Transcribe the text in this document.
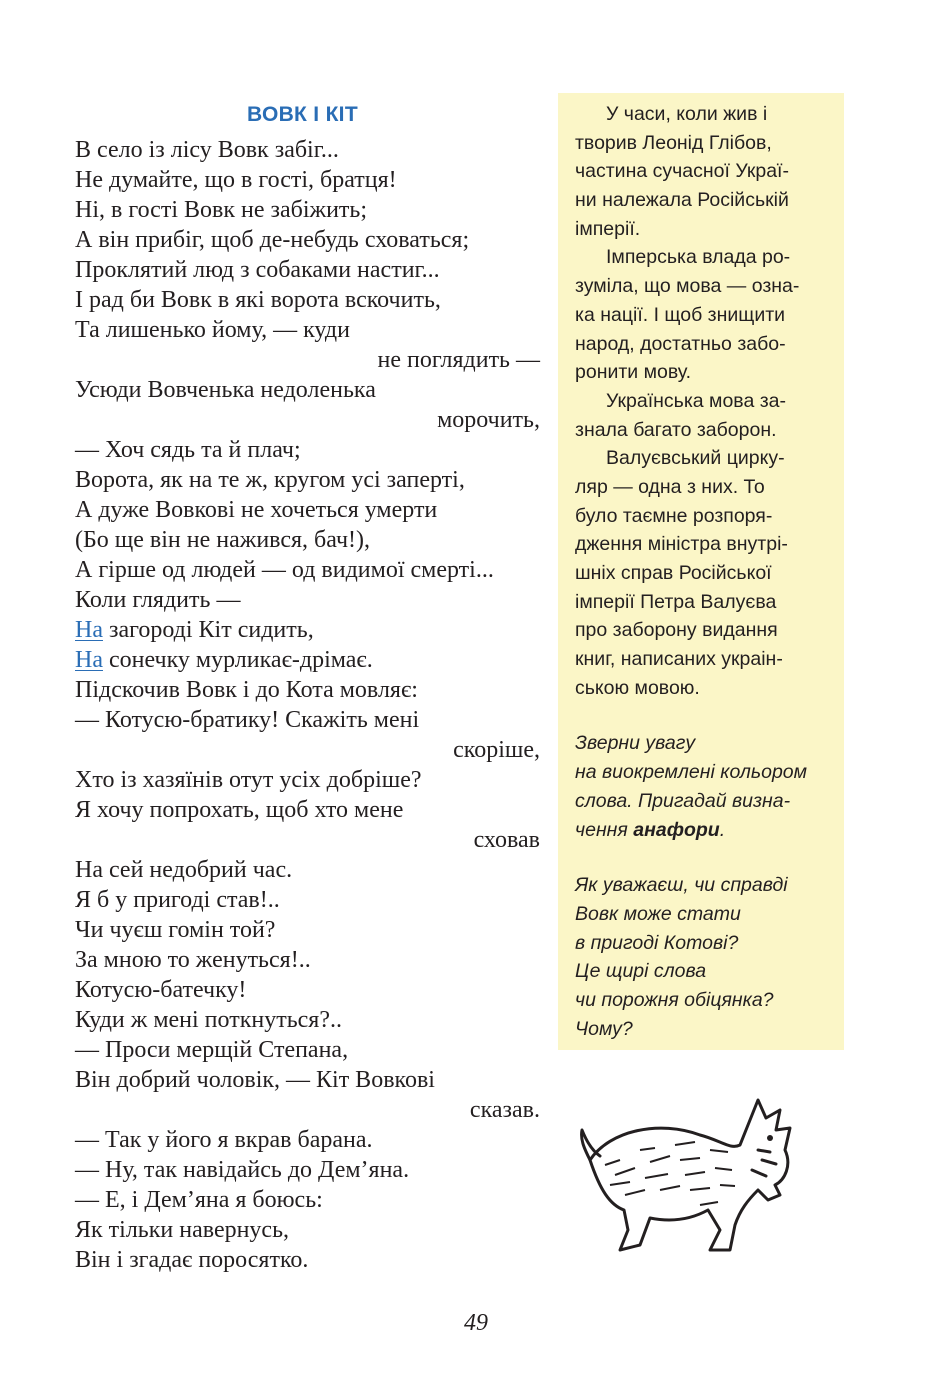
ВОВК І КІТ
В село із лісу Вовк забіг...
Не думайте, що в гості, братця!
Ні, в гості Вовк не забіжить;
А він прибіг, щоб де-небудь сховаться;
Проклятий люд з собаками настиг...
І рад би Вовк в які ворота вскочить,
Та лишенько йому, — куди
не поглядить —
Усюди Вовченька недоленька
морочить,
— Хоч сядь та й плач;
Ворота, як на те ж, кругом усі заперті,
А дуже Вовкові не хочеться умерти
(Бо ще він не нажився, бач!),
А гірше од людей — од видимої смерті...
Коли глядить —
На загороді Кіт сидить,
На сонечку мурликає-дрімає.
Підскочив Вовк і до Кота мовляє:
— Котусю-братику! Скажіть мені
скоріше,
Хто із хазяїнів отут усіх добріше?
Я хочу попрохать, щоб хто мене
сховав
На сей недобрий час.
Я б у пригоді став!..
Чи чуєш гомін той?
За мною то женуться!..
Котусю-батечку!
Куди ж мені поткнуться?..
— Проси мерщій Степана,
Він добрий чоловік, — Кіт Вовкові
сказав.
— Так у його я вкрав барана.
— Ну, так навідайсь до Дем’яна.
— Е, і Дем’яна я боюсь:
Як тільки навернусь,
Він і згадає поросятко.
У часи, коли жив і
творив Леонід Глібов,
частина сучасної Украї-
ни належала Російській
імперії.
Імперська влада ро-
зуміла, що мова — озна-
ка нації. І щоб знищити
народ, достатньо забо-
ронити мову.
Українська мова за-
знала багато заборон.
Валуєвський цирку-
ляр — одна з них. То
було таємне розпоря-
дження міністра внутрі-
шніх справ Російської
імперії Петра Валуєва
про заборону видання
книг, написаних украін-
ською мовою.
Зверни увагу
на виокремлені кольором
слова. Пригадай визна-
чення анафори.
Як уважаєш, чи справді
Вовк може стати
в пригоді Котові?
Це щирі слова
чи порожня обіцянка?
Чому?
49
